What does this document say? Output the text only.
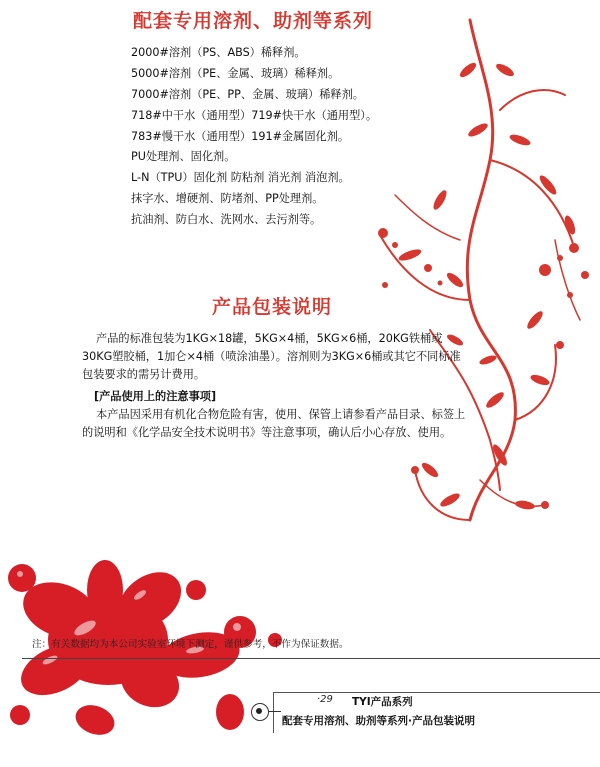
配套专用溶剂、助剂等系列
2000#溶剂（PS、ABS）稀释剂。
5000#溶剂（PE、金属、玻璃）稀释剂。
7000#溶剂（PE、PP、金属、玻璃）稀释剂。
718#中干水（通用型）719#快干水（通用型）。
783#慢干水（通用型）191#金属固化剂。
PU处理剂、固化剂。
L-N（TPU）固化剂 防粘剂 消光剂 消泡剂。
抹字水、增硬剂、防堵剂、PP处理剂。
抗油剂、防白水、洗网水、去污剂等。
产品包装说明
产品的标准包装为1KG×18罐，5KG×4桶，5KG×6桶，20KG铁桶或30KG塑胶桶，1加仑×4桶（喷涂油墨）。溶剂则为3KG×6桶或其它不同标准包装要求的需另计费用。
[产品使用上的注意事项]
本产品因采用有机化合物危险有害，使用、保管上请参看产品目录、标签上的说明和《化学品安全技术说明书》等注意事项，确认后小心存放、使用。
注：有关数据均为本公司实验室环境下测定，谨供参考，不作为保证数据。
·29 TYI产品系列
配套专用溶剂、助剂等系列·产品包装说明
